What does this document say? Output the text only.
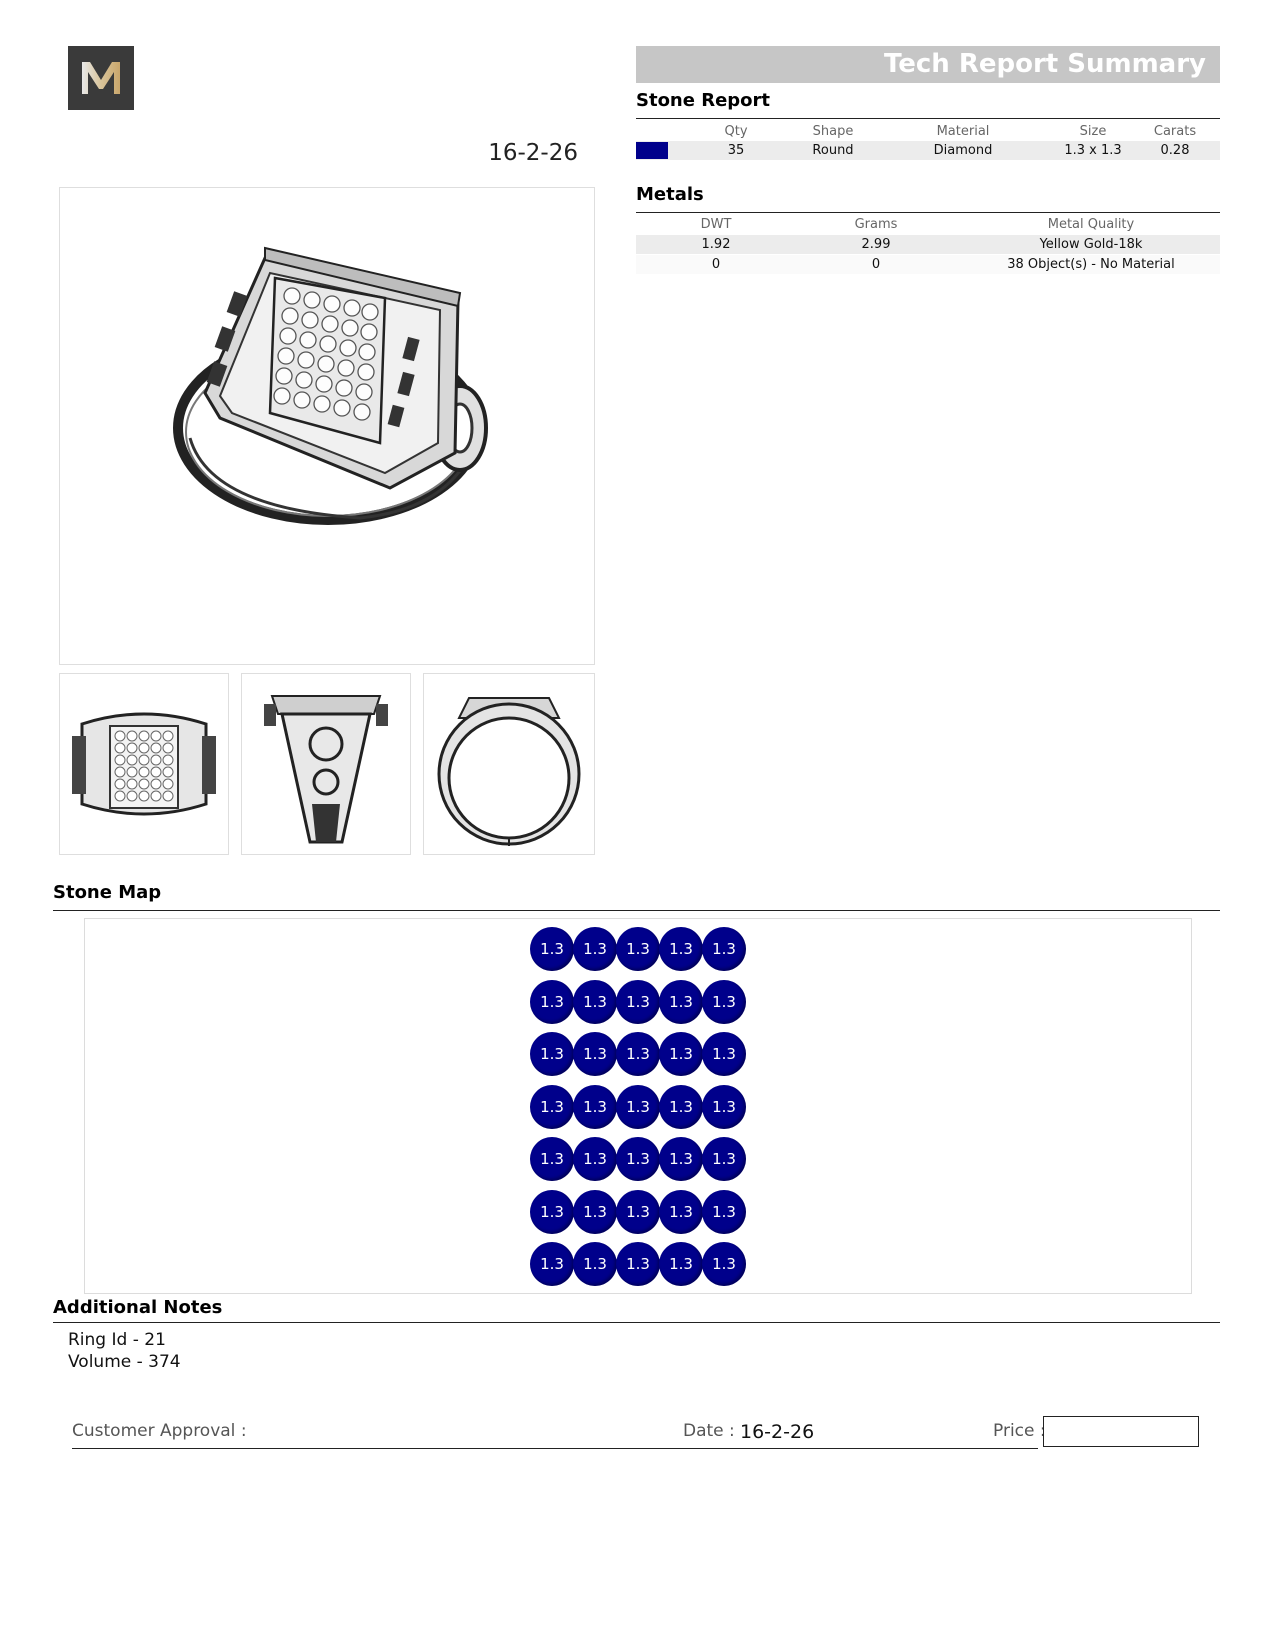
16-2-26
Tech Report Summary
Stone Report
Qty	Shape	Material	Size	Carats
35	Round	Diamond	1.3 x 1.3	0.28
Metals
DWT	Grams	Metal Quality
1.92	2.99	Yellow Gold-18k
0	0	38 Object(s) - No Material
Stone Map
1.3	1.3	1.3	1.3	1.3
1.3	1.3	1.3	1.3	1.3
1.3	1.3	1.3	1.3	1.3
1.3	1.3	1.3	1.3	1.3
1.3	1.3	1.3	1.3	1.3
1.3	1.3	1.3	1.3	1.3
1.3	1.3	1.3	1.3	1.3
Additional Notes
Ring Id - 21
Volume - 374
Customer Approval :	Date : 16-2-26	Price :
